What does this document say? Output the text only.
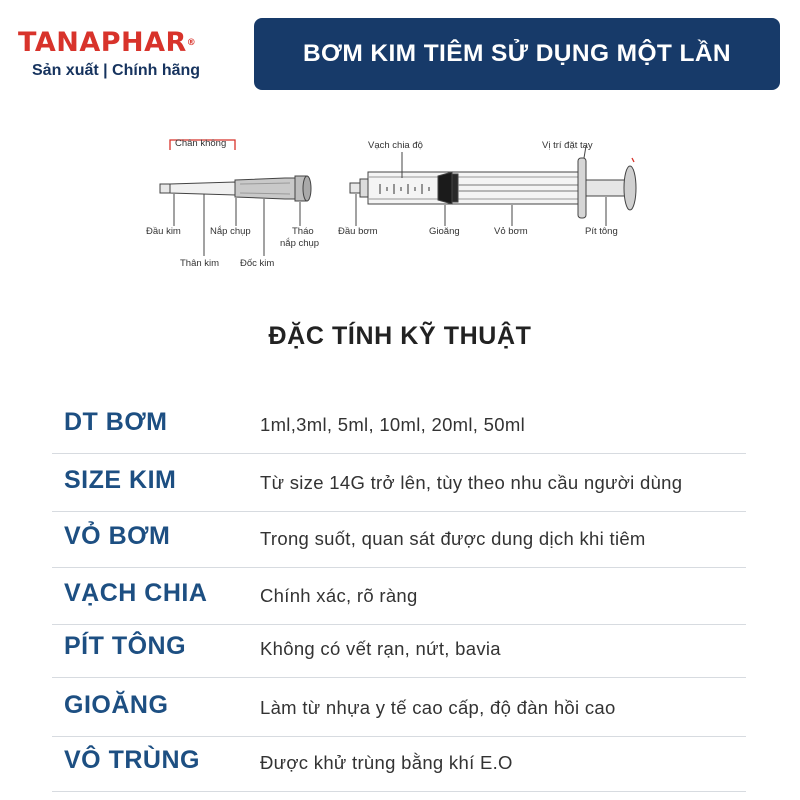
TANAPHAR®
Sản xuất | Chính hãng
BƠM KIM TIÊM SỬ DỤNG MỘT LẦN
Chân không
Đầu kim	Nắp chụp	Tháo
nắp chụp
Thân kim Đốc kim
Vạch chia độ	Vị trí đặt tay
Đầu bơm	Gioăng	Vỏ bơm	Pít tông
ĐẶC TÍNH KỸ THUẬT
DT BƠM	1ml,3ml, 5ml, 10ml, 20ml, 50ml
SIZE KIM	Từ size 14G trở lên, tùy theo nhu cầu người dùng
VỎ BƠM	Trong suốt, quan sát được dung dịch khi tiêm
VẠCH CHIA	Chính xác, rõ ràng
PÍT TÔNG	Không có vết rạn, nứt, bavia
GIOĂNG	Làm từ nhựa y tế cao cấp, độ đàn hồi cao
VÔ TRÙNG	Được khử trùng bằng khí E.O
